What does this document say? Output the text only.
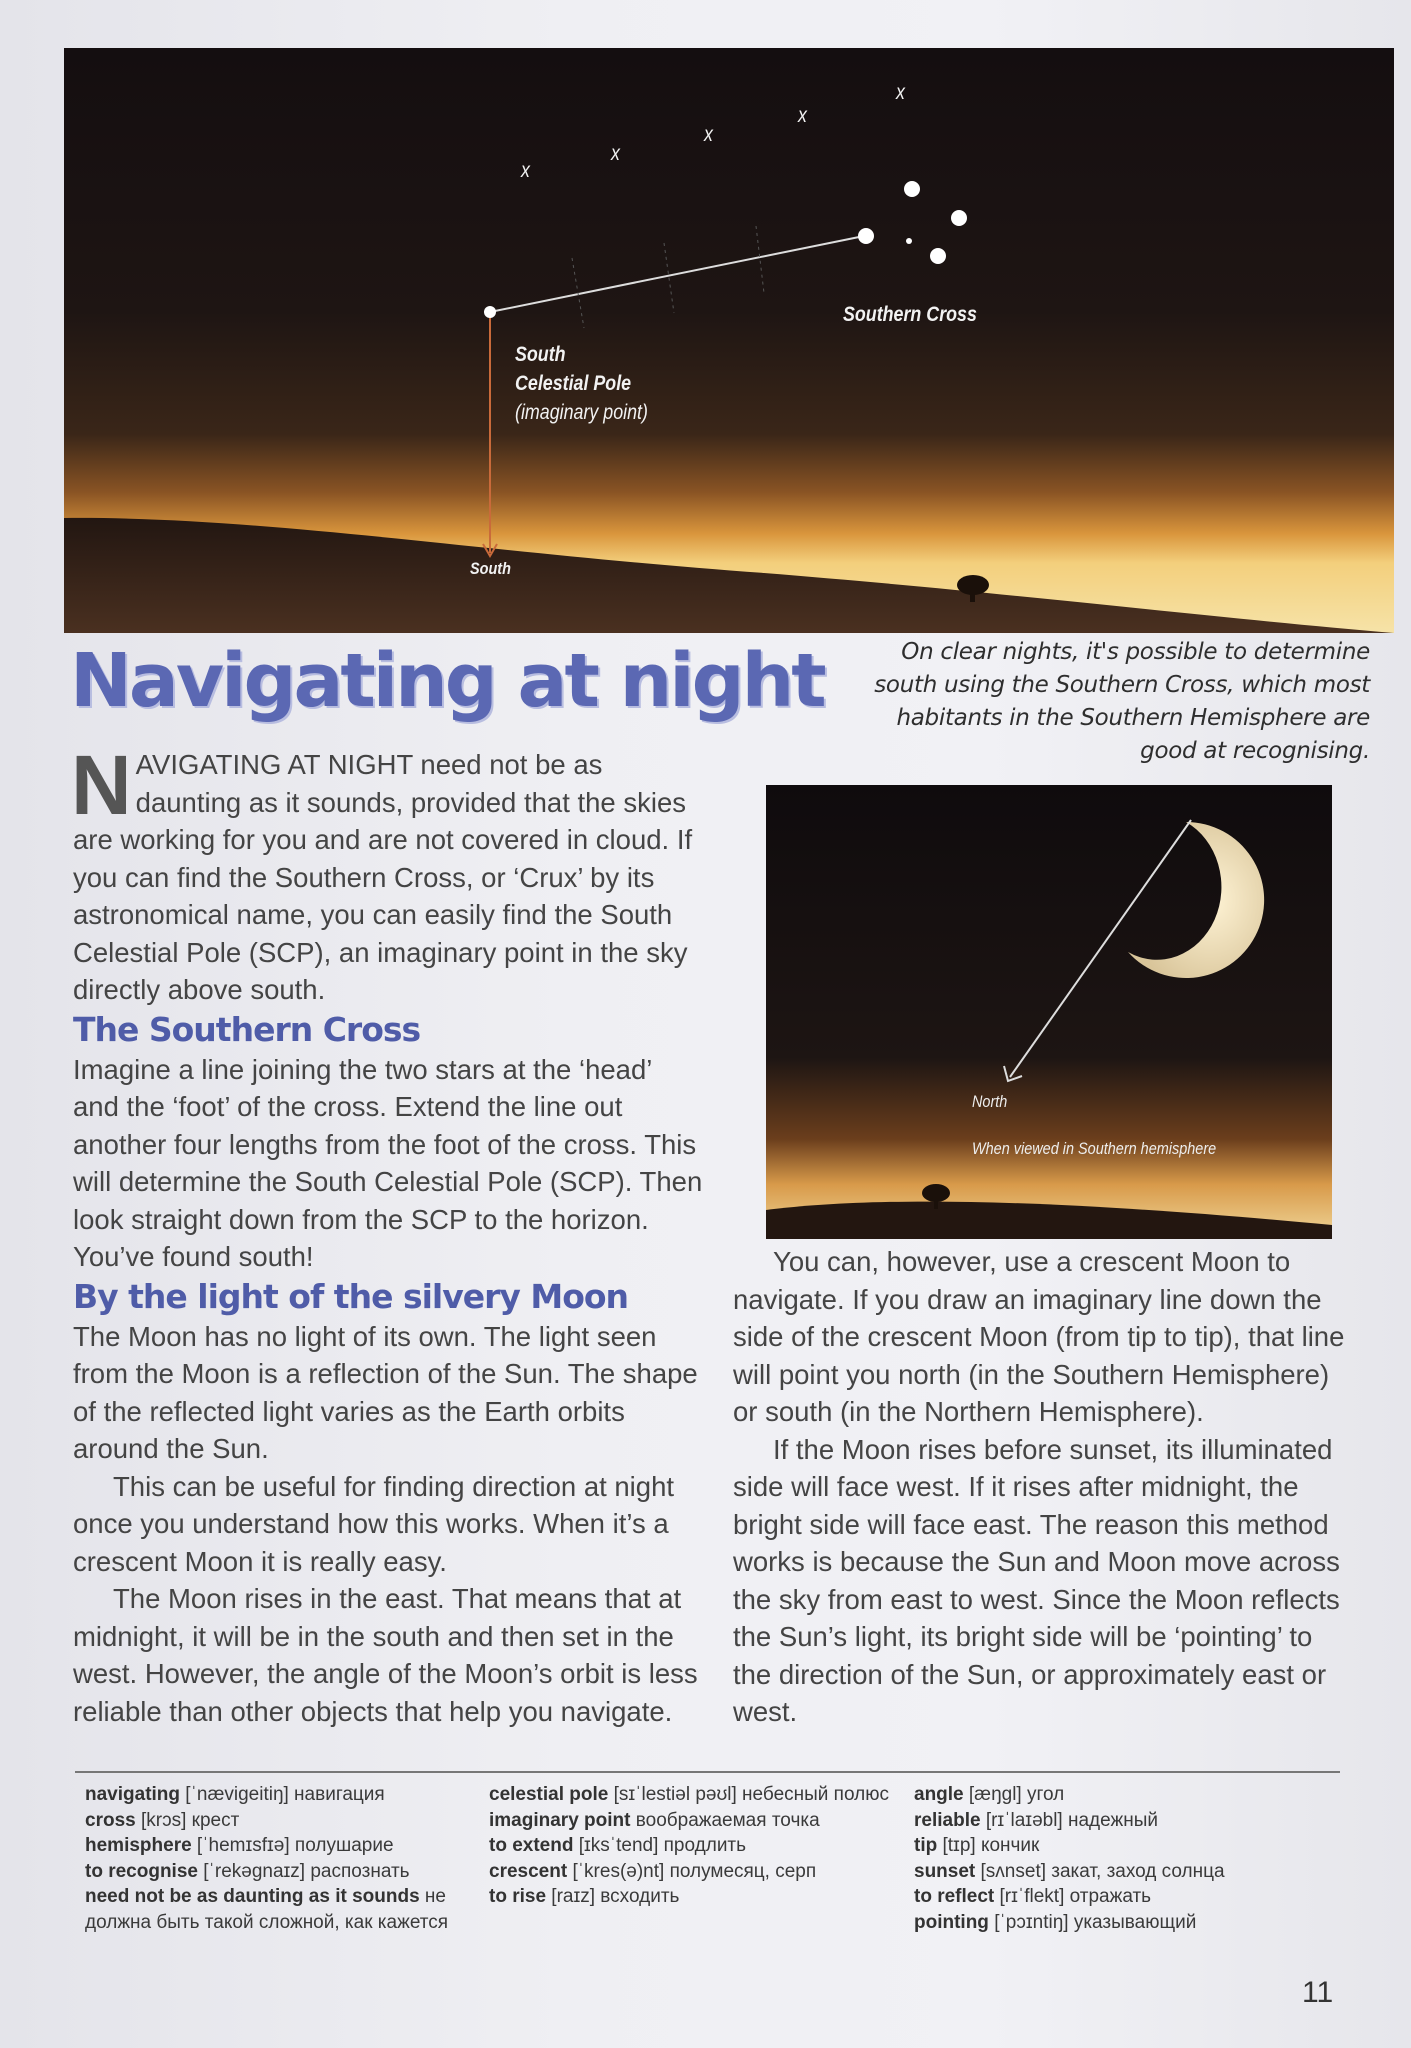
x
x
x
x
x
South
Celestial Pole
(imaginary point)
Southern Cross
South
Navigating at night	On clear nights, it's possible to determine south using the Southern Cross, which most habitants in the Southern Hemisphere are good at recognising.

NAVIGATING AT NIGHT need not be as daunting as it sounds, provided that the skies are working for you and are not covered in cloud. If you can find the Southern Cross, or ‘Crux’ by its astronomical name, you can easily find the South Celestial Pole (SCP), an imaginary point in the sky directly above south.

The Southern Cross

Imagine a line joining the two stars at the ‘head’ and the ‘foot’ of the cross. Extend the line out another four lengths from the foot of the cross. This will determine the South Celestial Pole (SCP). Then look straight down from the SCP to the horizon. You’ve found south!

By the light of the silvery Moon

The Moon has no light of its own. The light seen from the Moon is a reflection of the Sun. The shape of the reflected light varies as the Earth orbits around the Sun.

This can be useful for finding direction at night once you understand how this works. When it’s a crescent Moon it is really easy.

The Moon rises in the east. That means that at midnight, it will be in the south and then set in the west. However, the angle of the Moon’s orbit is less reliable than other objects that help you navigate.

North
When viewed in Southern hemisphere

You can, however, use a crescent Moon to navigate. If you draw an imaginary line down the side of the crescent Moon (from tip to tip), that line will point you north (in the Southern Hemisphere) or south (in the Northern Hemisphere).

If the Moon rises before sunset, its illuminated side will face west. If it rises after midnight, the bright side will face east. The reason this method works is because the Sun and Moon move across the sky from east to west. Since the Moon reflects the Sun’s light, its bright side will be ‘pointing’ to the direction of the Sun, or approximately east or west.

navigating [ˈnævigeitiŋ] навигация
cross [krɔs] крест
hemisphere [ˈhemɪsfɪə] полушарие
to recognise [ˈrekəgnaɪz] распознать
need not be as daunting as it sounds не должна быть такой сложной, как кажется
celestial pole [sɪˈlestiəl pəʊl] небесный полюс
imaginary point воображаемая точка
to extend [ɪksˈtend] продлить
crescent [ˈkres(ə)nt] полумесяц, серп
to rise [raɪz] всходить
angle [æŋgl] угол
reliable [rɪˈlaɪəbl] надежный
tip [tɪp] кончик
sunset [sʌnset] закат, заход солнца
to reflect [rɪˈflekt] отражать
pointing [ˈpɔɪntiŋ] указывающий
11
